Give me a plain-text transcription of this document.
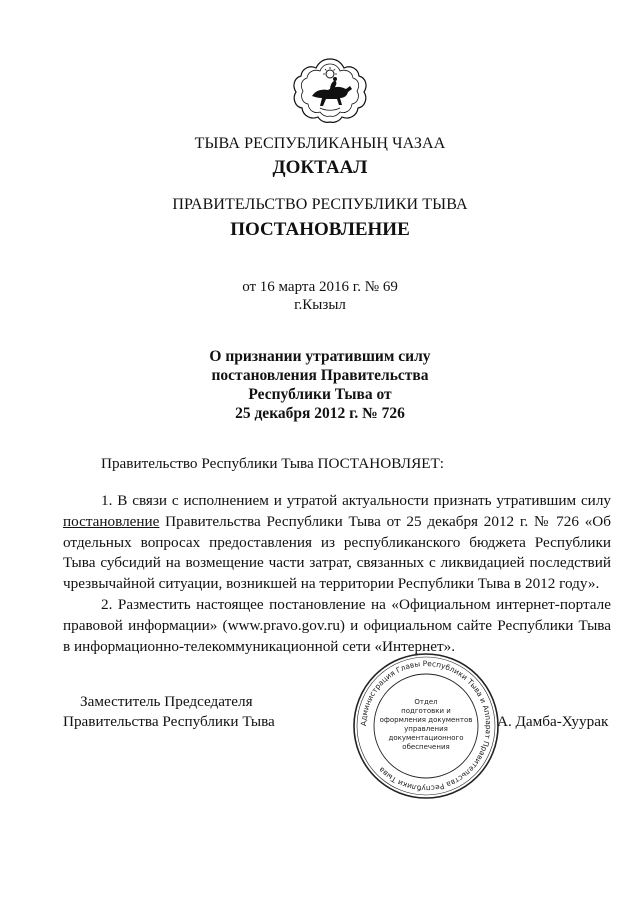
ТЫВА РЕСПУБЛИКАНЫҢ ЧАЗАА
ДОКТААЛ
ПРАВИТЕЛЬСТВО РЕСПУБЛИКИ ТЫВА
ПОСТАНОВЛЕНИЕ
от 16 марта 2016 г. № 69
г.Кызыл
О признании утратившим силу
постановления Правительства
Республики Тыва от
25 декабря 2012 г. № 726

Правительство Республики Тыва ПОСТАНОВЛЯЕТ:

1. В связи с исполнением и утратой актуальности признать утратившим силу постановление Правительства Республики Тыва от 25 декабря 2012 г. № 726 «Об отдельных вопросах предоставления из республиканского бюджета Республики Тыва субсидий на возмещение части затрат, связанных с ликвидацией последствий чрезвычайной ситуации, возникшей на территории Республики Тыва в 2012 году».

2. Разместить настоящее постановление на «Официальном интернет-портале правовой информации» (www.pravo.gov.ru) и официальном сайте Республики Тыва в информационно-телекоммуникационной сети «Интернет».

Заместитель Председателя
Правительства Республики Тыва	А. Дамба-Хуурак
Администрация Главы Республики Тыва и Аппарат Правительства Республики Тыва
Отдел
подготовки и
оформления документов
управления
документационного
обеспечения
